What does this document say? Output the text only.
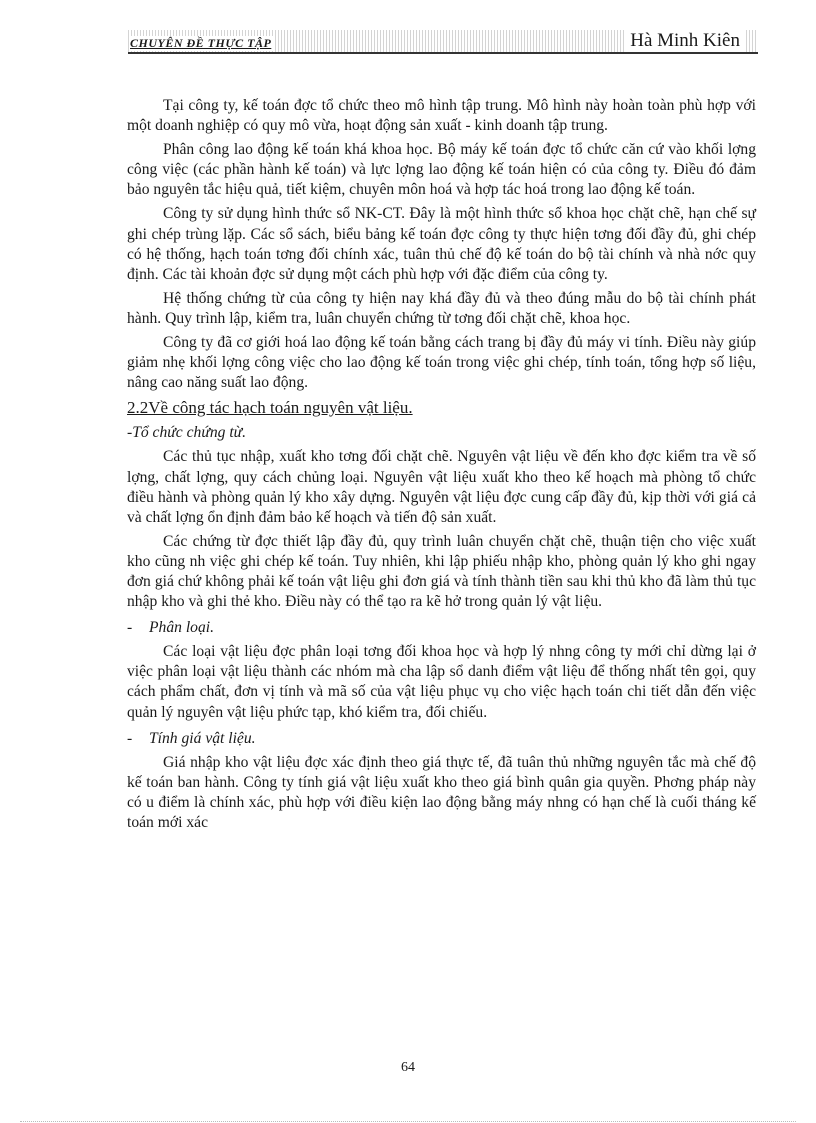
CHUYÊN ĐỀ THỰC TẬP	Hà Minh Kiên

Tại công ty, kế toán đợc tổ chức theo mô hình tập trung. Mô hình này hoàn toàn phù hợp với một doanh nghiệp có quy mô vừa, hoạt động sản xuất - kinh doanh tập trung.

Phân công lao động kế toán khá khoa học. Bộ máy kế toán đợc tổ chức căn cứ vào khối lợng công việc (các phần hành kế toán) và lực lợng lao động kế toán hiện có của công ty. Điều đó đảm bảo nguyên tắc hiệu quả, tiết kiệm, chuyên môn hoá và hợp tác hoá trong lao động kế toán.

Công ty sử dụng hình thức sổ NK-CT. Đây là một hình thức sổ khoa học chặt chẽ, hạn chế sự ghi chép trùng lặp. Các sổ sách, biểu bảng kế toán đợc công ty thực hiện tơng đối đầy đủ, ghi chép có hệ thống, hạch toán tơng đối chính xác, tuân thủ chế độ kế toán do bộ tài chính và nhà nớc quy định. Các tài khoản đợc sử dụng một cách phù hợp với đặc điểm của công ty.

Hệ thống chứng từ của công ty hiện nay khá đầy đủ và theo đúng mẫu do bộ tài chính phát hành. Quy trình lập, kiểm tra, luân chuyển chứng từ tơng đối chặt chẽ, khoa học.

Công ty đã cơ giới hoá lao động kế toán bằng cách trang bị đầy đủ máy vi tính. Điều này giúp giảm nhẹ khối lợng công việc cho lao động kế toán trong việc ghi chép, tính toán, tổng hợp số liệu, nâng cao năng suất lao động.

2.2Về công tác hạch toán nguyên vật liệu.
-Tổ chức chứng từ.

Các thủ tục nhập, xuất kho tơng đối chặt chẽ. Nguyên vật liệu về đến kho đợc kiểm tra về số lợng, chất lợng, quy cách chủng loại. Nguyên vật liệu xuất kho theo kế hoạch mà phòng tổ chức điều hành và phòng quản lý kho xây dựng. Nguyên vật liệu đợc cung cấp đầy đủ, kịp thời với giá cả và chất lợng ổn định đảm bảo kế hoạch và tiến độ sản xuất.

Các chứng từ đợc thiết lập đầy đủ, quy trình luân chuyển chặt chẽ, thuận tiện cho việc xuất kho cũng nh việc ghi chép kế toán. Tuy nhiên, khi lập phiếu nhập kho, phòng quản lý kho ghi ngay đơn giá chứ không phải kế toán vật liệu ghi đơn giá và tính thành tiền sau khi thủ kho đã làm thủ tục nhập kho và ghi thẻ kho. Điều này có thể tạo ra kẽ hở trong quản lý vật liệu.

-	Phân loại.

Các loại vật liệu đợc phân loại tơng đối khoa học và hợp lý nhng công ty mới chỉ dừng lại ở việc phân loại vật liệu thành các nhóm mà cha lập sổ danh điểm vật liệu để thống nhất tên gọi, quy cách phẩm chất, đơn vị tính và mã số của vật liệu phục vụ cho việc hạch toán chi tiết dẫn đến việc quản lý nguyên vật liệu phức tạp, khó kiểm tra, đối chiếu.

-	Tính giá vật liệu.

Giá nhập kho vật liệu đợc xác định theo giá thực tế, đã tuân thủ những nguyên tắc mà chế độ kế toán ban hành. Công ty tính giá vật liệu xuất kho theo giá bình quân gia quyền. Phơng pháp này có u điểm là chính xác, phù hợp với điều kiện lao động bằng máy nhng có hạn chế là cuối tháng kế toán mới xác

64
